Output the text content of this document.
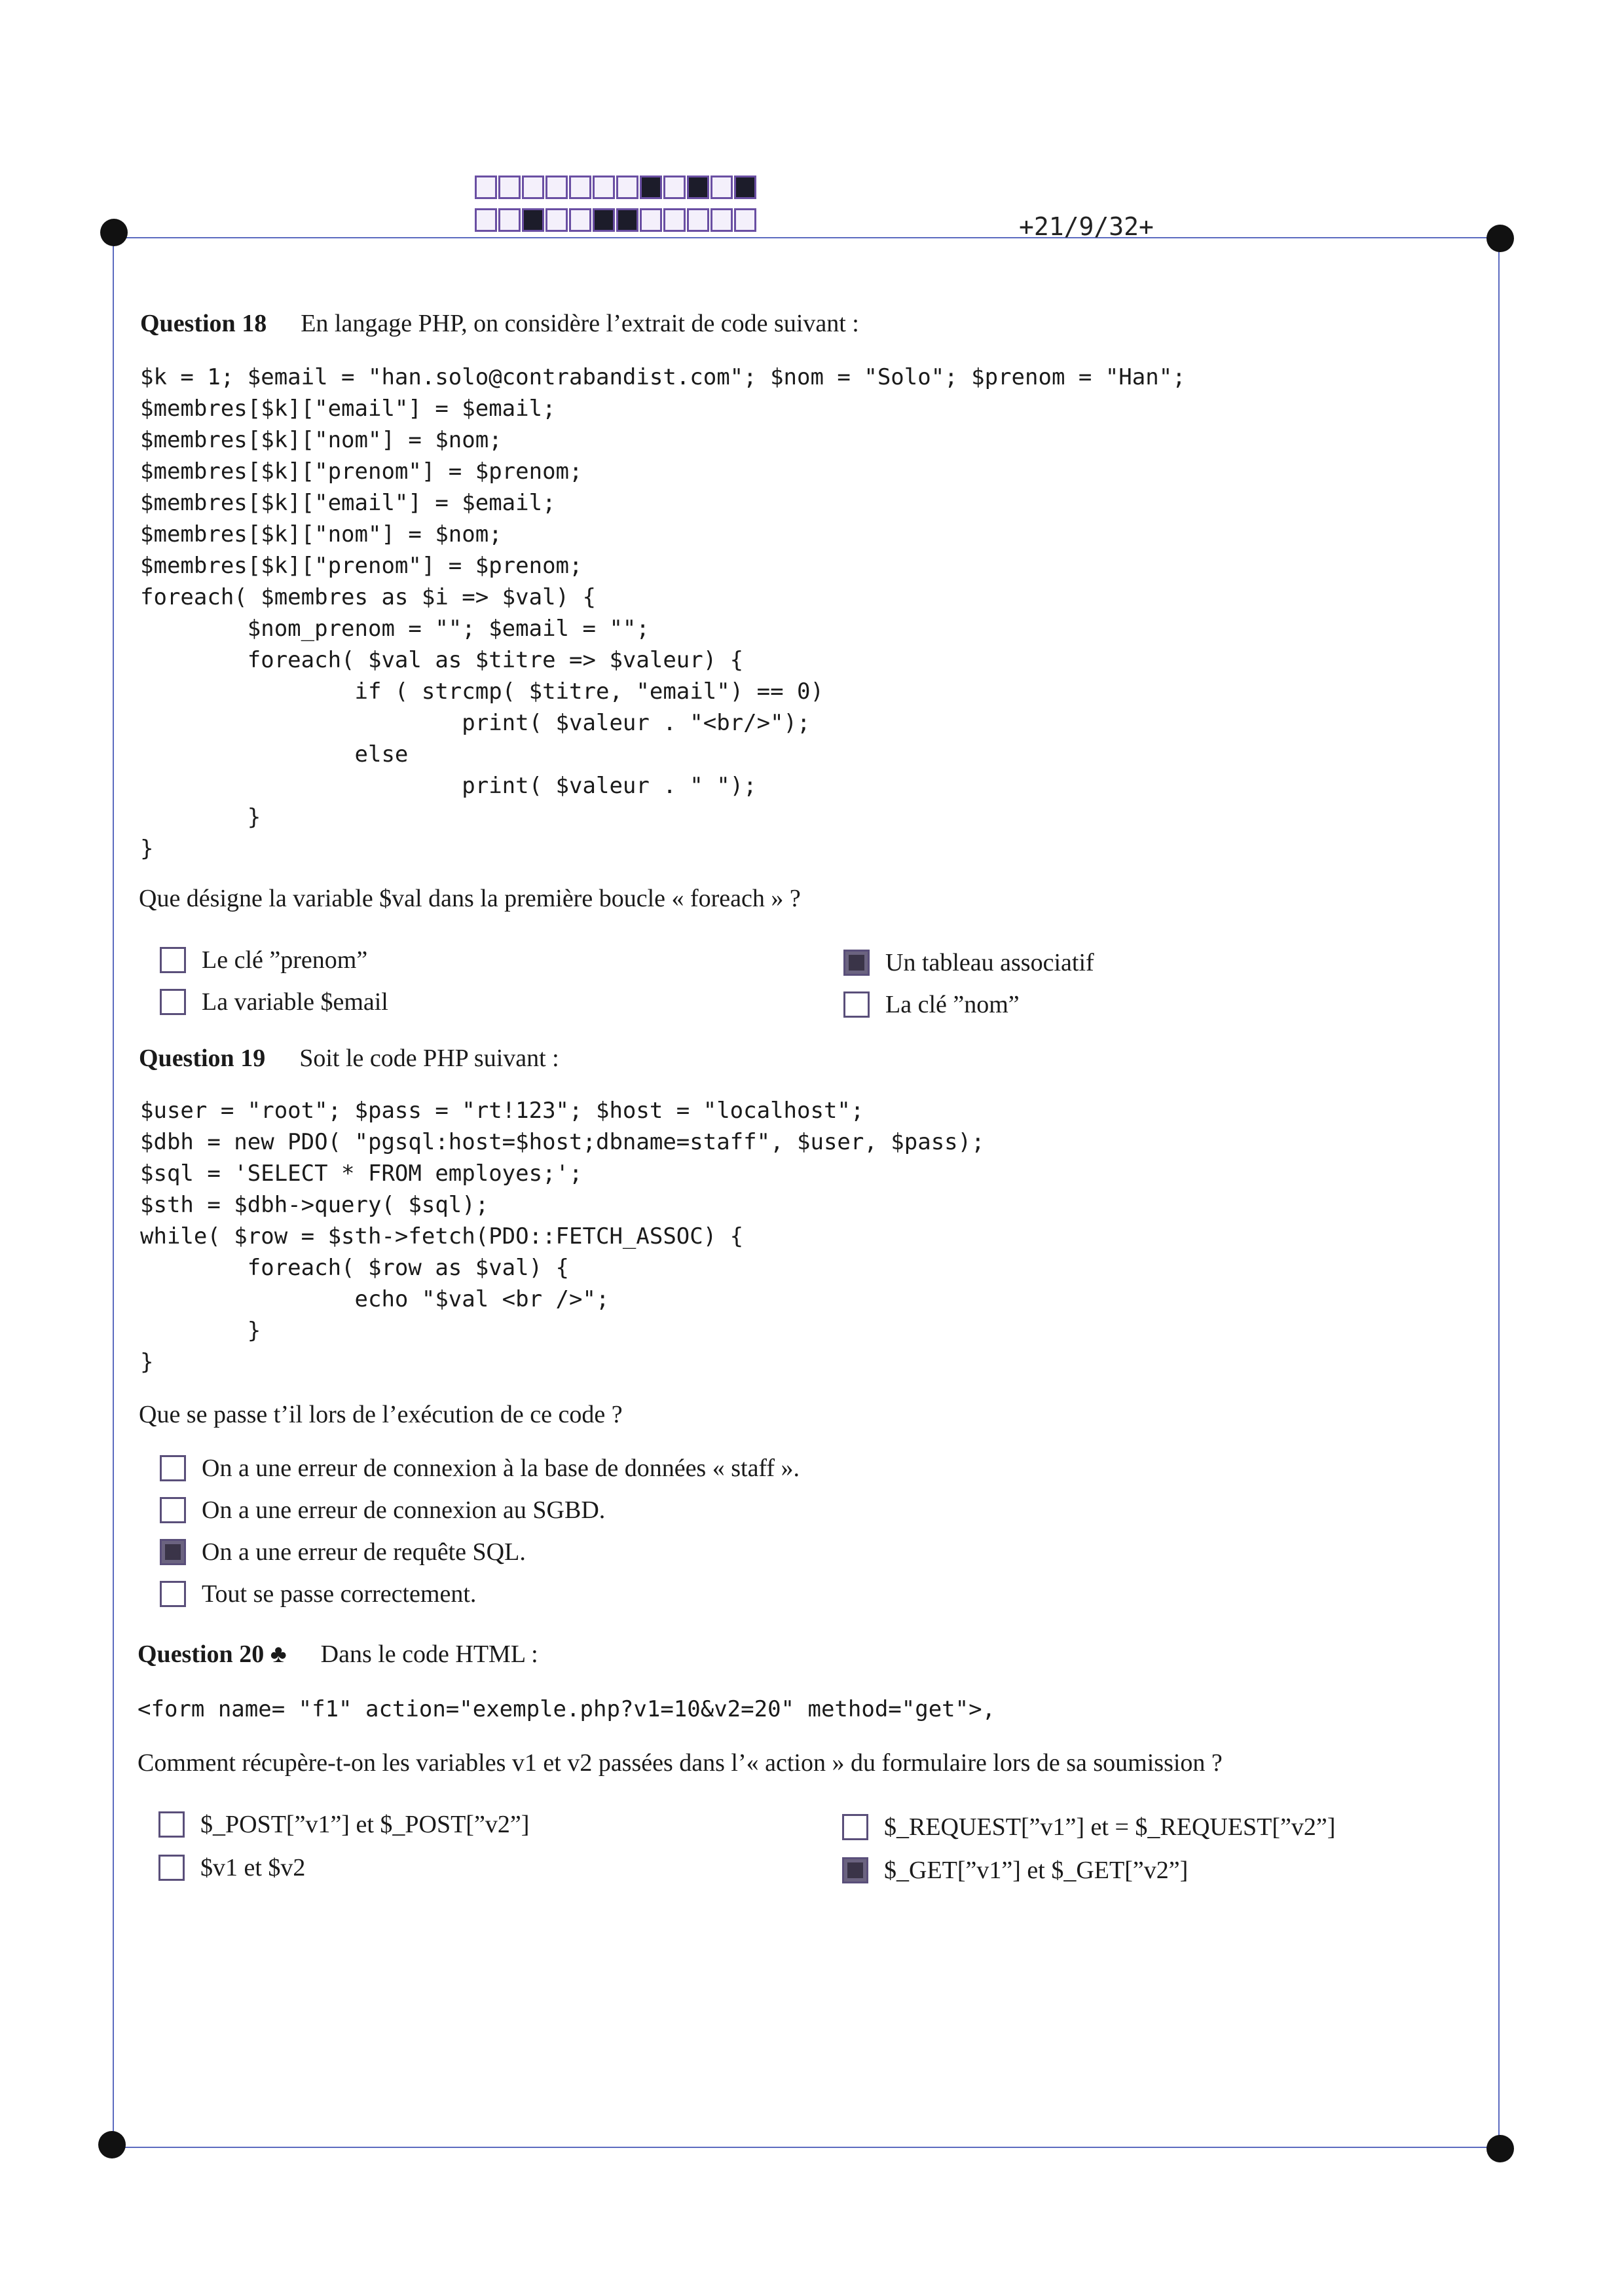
+21/9/32+
Question 18 En langage PHP, on considère l’extrait de code suivant :
$k = 1; $email = "han.solo@contrabandist.com"; $nom = "Solo"; $prenom = "Han";
$membres[$k]["email"] = $email;
$membres[$k]["nom"] = $nom;
$membres[$k]["prenom"] = $prenom;
$membres[$k]["email"] = $email;
$membres[$k]["nom"] = $nom;
$membres[$k]["prenom"] = $prenom;
foreach( $membres as $i => $val) {
$nom_prenom = ""; $email = "";
foreach( $val as $titre => $valeur) {
if ( strcmp( $titre, "email") == 0)
print( $valeur . "<br/>");
else
print( $valeur . " ");
}
}
Que désigne la variable $val dans la première boucle « foreach » ?
Le clé ”prenom”
La variable $email
Un tableau associatif
La clé ”nom”
Question 19 Soit le code PHP suivant :
$user = "root"; $pass = "rt!123"; $host = "localhost";
$dbh = new PDO( "pgsql:host=$host;dbname=staff", $user, $pass);
$sql = 'SELECT * FROM employes;';
$sth = $dbh->query( $sql);
while( $row = $sth->fetch(PDO::FETCH_ASSOC) {
foreach( $row as $val) {
echo "$val <br />";
}
}
Que se passe t’il lors de l’exécution de ce code ?
On a une erreur de connexion à la base de données « staff ».
On a une erreur de connexion au SGBD.
On a une erreur de requête SQL.
Tout se passe correctement.
Question 20 ♣ Dans le code HTML :
<form name= "f1" action="exemple.php?v1=10&v2=20" method="get">,
Comment récupère-t-on les variables v1 et v2 passées dans l’« action » du formulaire lors de sa soumission ?
$_POST[”v1”] et $_POST[”v2”]
$v1 et $v2
$_REQUEST[”v1”] et = $_REQUEST[”v2”]
$_GET[”v1”] et $_GET[”v2”]
